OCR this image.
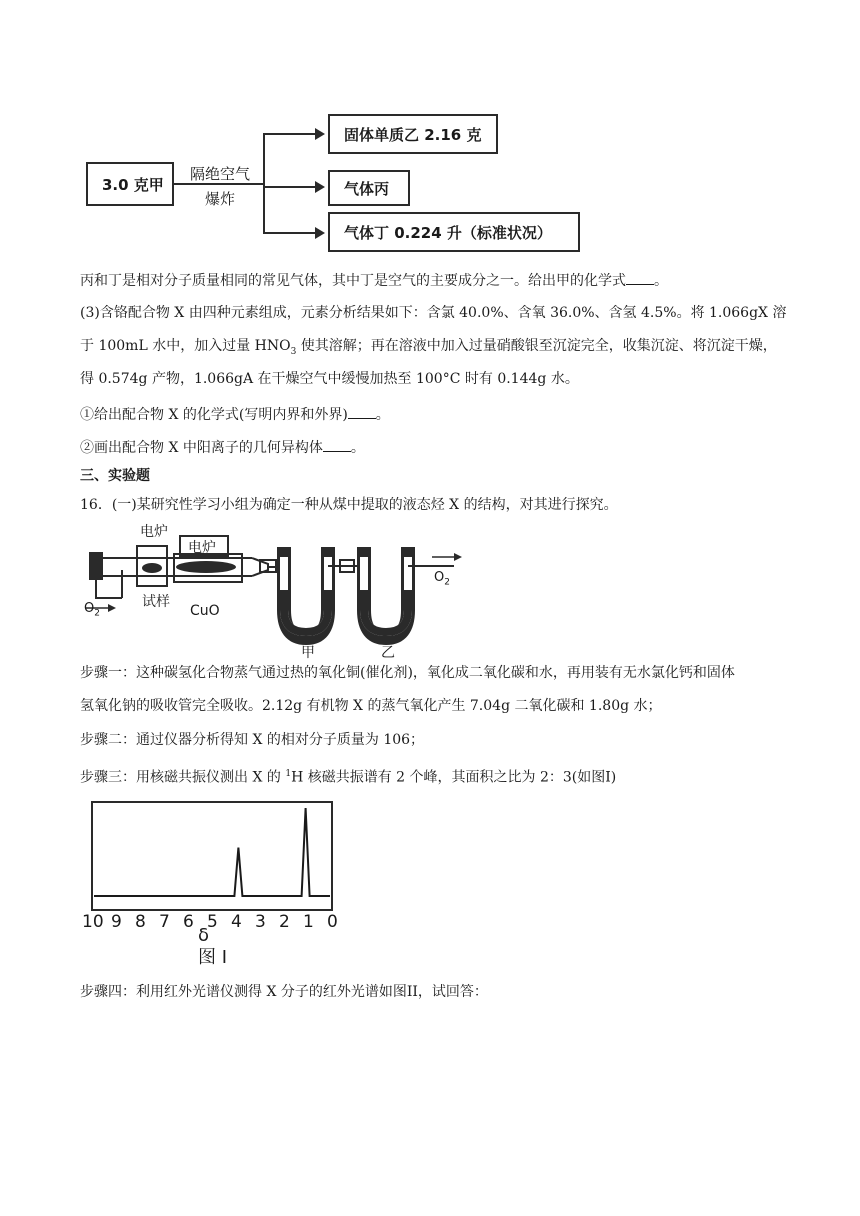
3.0 克甲
隔绝空气
爆炸
固体单质乙 2.16 克
气体丙
气体丁 0.224 升（标准状况）
丙和丁是相对分子质量相同的常见气体，其中丁是空气的主要成分之一。给出甲的化学式 。
(3)含铬配合物 X 由四种元素组成，元素分析结果如下：含氯 40.0%、含氧 36.0%、含氢 4.5%。将 1.066gX 溶
于 100mL 水中，加入过量 $HNO_3$ 使其溶解；再在溶液中加入过量硝酸银至沉淀完全，收集沉淀、将沉淀干燥，
得 0.574g 产物，1.066gA 在干燥空气中缓慢加热至 100°C 时有 0.144g 水。
①给出配合物 X 的化学式(写明内界和外界) 。
②画出配合物 X 中阳离子的几何异构体 。
三、实验题
16．(一)某研究性学习小组为确定一种从煤中提取的液态烃 X 的结构，对其进行探究。
电炉
电炉
试样
CuO
$O_2$
$O_2$
甲	乙
步骤一：这种碳氢化合物蒸气通过热的氧化铜(催化剂)，氧化成二氧化碳和水，再用装有无水氯化钙和固体
氢氧化钠的吸收管完全吸收。2.12g 有机物 X 的蒸气氧化产生 7.04g 二氧化碳和 1.80g 水；
步骤二：通过仪器分析得知 X 的相对分子质量为 106；
步骤三：用核磁共振仪测出 X 的 $^1$H 核磁共振谱有 2 个峰，其面积之比为 2：3(如图I)
10 9 8 7 6 5 4 3 2 1 0
δ
图 I
步骤四：利用红外光谱仪测得 X 分子的红外光谱如图II，试回答：
